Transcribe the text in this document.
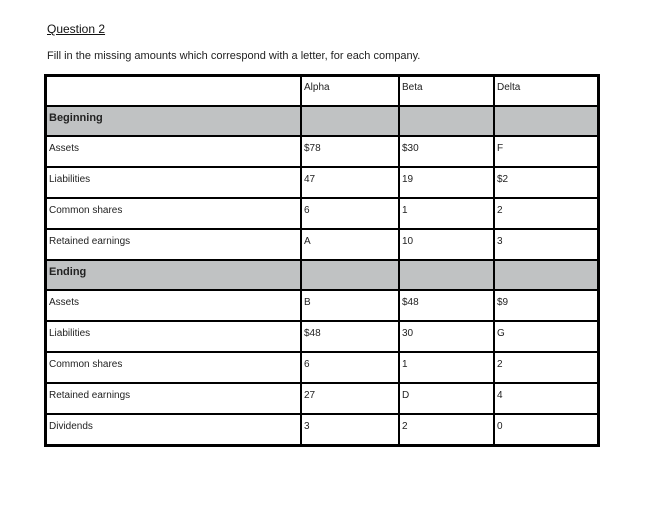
Question 2
Fill in the missing amounts which correspond with a letter, for each company.
	Alpha	Beta	Delta
Beginning			
Assets	$78	$30	F
Liabilities	47	19	$2
Common shares	6	1	2
Retained earnings	A	10	3
Ending			
Assets	B	$48	$9
Liabilities	$48	30	G
Common shares	6	1	2
Retained earnings	27	D	4
Dividends	3	2	0
